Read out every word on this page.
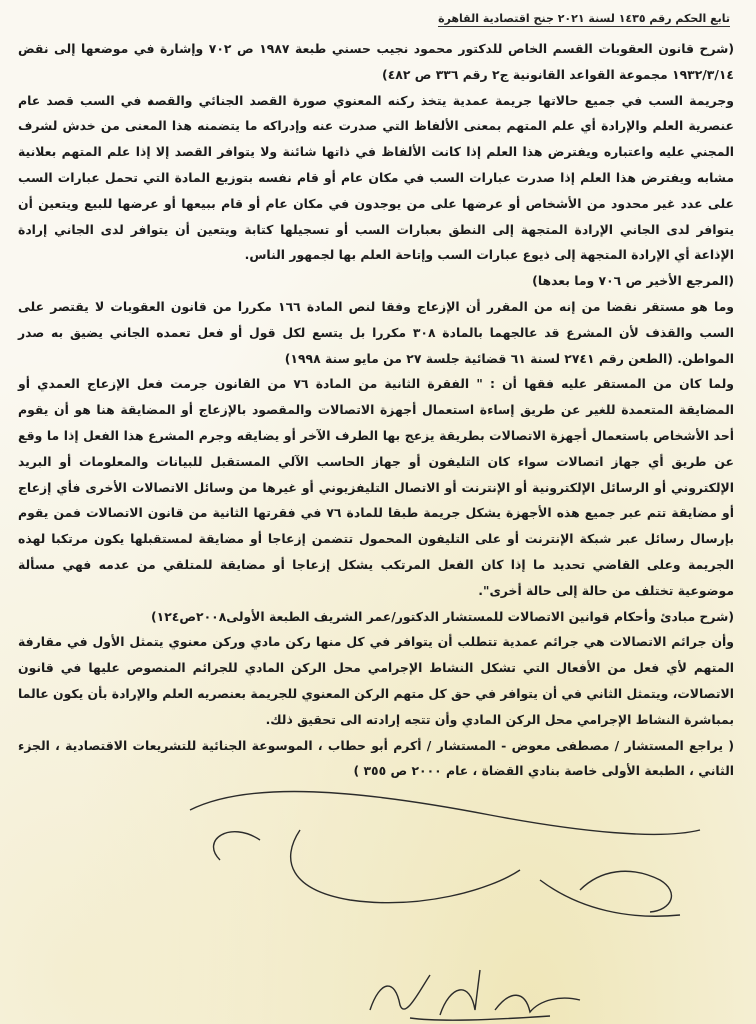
تابع الحكم رقم ١٤٣٥ لسنة ٢٠٢١ جنح اقتصادية القاهرة

(شرح قانون العقوبات القسم الخاص للدكتور محمود نجيب حسني طبعة ١٩٨٧ ص ٧٠٢ وإشارة في موضعها إلى نقض ١٩٣٢/٣/١٤ مجموعة القواعد القانونية ج٢ رقم ٣٣٦ ص ٤٨٢)

وجريمة السب في جميع حالاتها جريمة عمدية يتخذ ركنه المعنوي صورة القصد الجنائي والقصد في السب قصد عام عنصرية العلم والإرادة أي علم المتهم بمعنى الألفاظ التي صدرت عنه وإدراكه ما يتضمنه هذا المعنى من خدش لشرف المجني عليه واعتباره ويفترض هذا العلم إذا كانت الألفاظ في ذاتها شائنة ولا يتوافر القصد إلا إذا علم المتهم بعلانية مشابه ويفترض هذا العلم إذا صدرت عبارات السب في مكان عام أو قام نفسه بتوزيع المادة التي تحمل عبارات السب على عدد غير محدود من الأشخاص أو عرضها على من يوجدون في مكان عام أو قام ببيعها أو عرضها للبيع ويتعين أن يتوافر لدى الجاني الإرادة المتجهة إلى النطق بعبارات السب أو تسجيلها كتابة ويتعين أن يتوافر لدى الجاني إرادة الإذاعة أي الإرادة المتجهة إلى ذيوع عبارات السب وإتاحة العلم بها لجمهور الناس.

(المرجع الأخير ص ٧٠٦ وما بعدها)

وما هو مستقر نقضا من إنه من المقرر أن الإزعاج وفقا لنص المادة ١٦٦ مكررا من قانون العقوبات لا يقتصر على السب والقذف لأن المشرع قد عالجهما بالمادة ٣٠٨ مكررا بل يتسع لكل قول أو فعل تعمده الجاني يضيق به صدر المواطن. (الطعن رقم ٢٧٤١ لسنة ٦١ قضائية جلسة ٢٧ من مايو سنة ١٩٩٨)

ولما كان من المستقر عليه فقها أن : " الفقرة الثانية من المادة ٧٦ من القانون جرمت فعل الإزعاج العمدي أو المضايقة المتعمدة للغير عن طريق إساءة استعمال أجهزة الاتصالات والمقصود بالإزعاج أو المضايقة هنا هو أن يقوم أحد الأشخاص باستعمال أجهزة الاتصالات بطريقة يزعج بها الطرف الآخر أو يضايقه وجرم المشرع هذا الفعل إذا ما وقع عن طريق أي جهاز اتصالات سواء كان التليفون أو جهاز الحاسب الآلي المستقبل للبيانات والمعلومات أو البريد الإلكتروني أو الرسائل الإلكترونية أو الإنترنت أو الاتصال التليفزيوني أو غيرها من وسائل الاتصالات الأخرى فأي إزعاج أو مضايقة تتم عبر جميع هذه الأجهزة يشكل جريمة طبقا للمادة ٧٦ في فقرتها الثانية من قانون الاتصالات فمن يقوم بإرسال رسائل عبر شبكة الإنترنت أو على التليفون المحمول تتضمن إزعاجا أو مضايقة لمستقبلها يكون مرتكبا لهذه الجريمة وعلى القاضي تحديد ما إذا كان الفعل المرتكب يشكل إزعاجا أو مضايقة للمتلقي من عدمه فهي مسألة موضوعية تختلف من حالة إلى حالة أخرى".

(شرح مبادئ وأحكام قوانين الاتصالات للمستشار الدكتور/عمر الشريف الطبعة الأولى٢٠٠٨ص١٢٤)

وأن جرائم الاتصالات هي جرائم عمدية تتطلب أن يتوافر في كل منها ركن مادي وركن معنوي يتمثل الأول في مقارفة المتهم لأي فعل من الأفعال التي تشكل النشاط الإجرامي محل الركن المادي للجرائم المنصوص عليها في قانون الاتصالات، ويتمثل الثاني في أن يتوافر في حق كل متهم الركن المعنوي للجريمة بعنصريه العلم والإرادة بأن يكون عالما بمباشرة النشاط الإجرامي محل الركن المادي وأن تتجه إرادته الى تحقيق ذلك.

( يراجع المستشار / مصطفى معوض - المستشار / أكرم أبو حطاب ، الموسوعة الجنائية للتشريعات الاقتصادية ، الجزء الثاني ، الطبعة الأولى خاصة بنادي القضاة ، عام ٢٠٠٠ ص ٣٥٥ )
